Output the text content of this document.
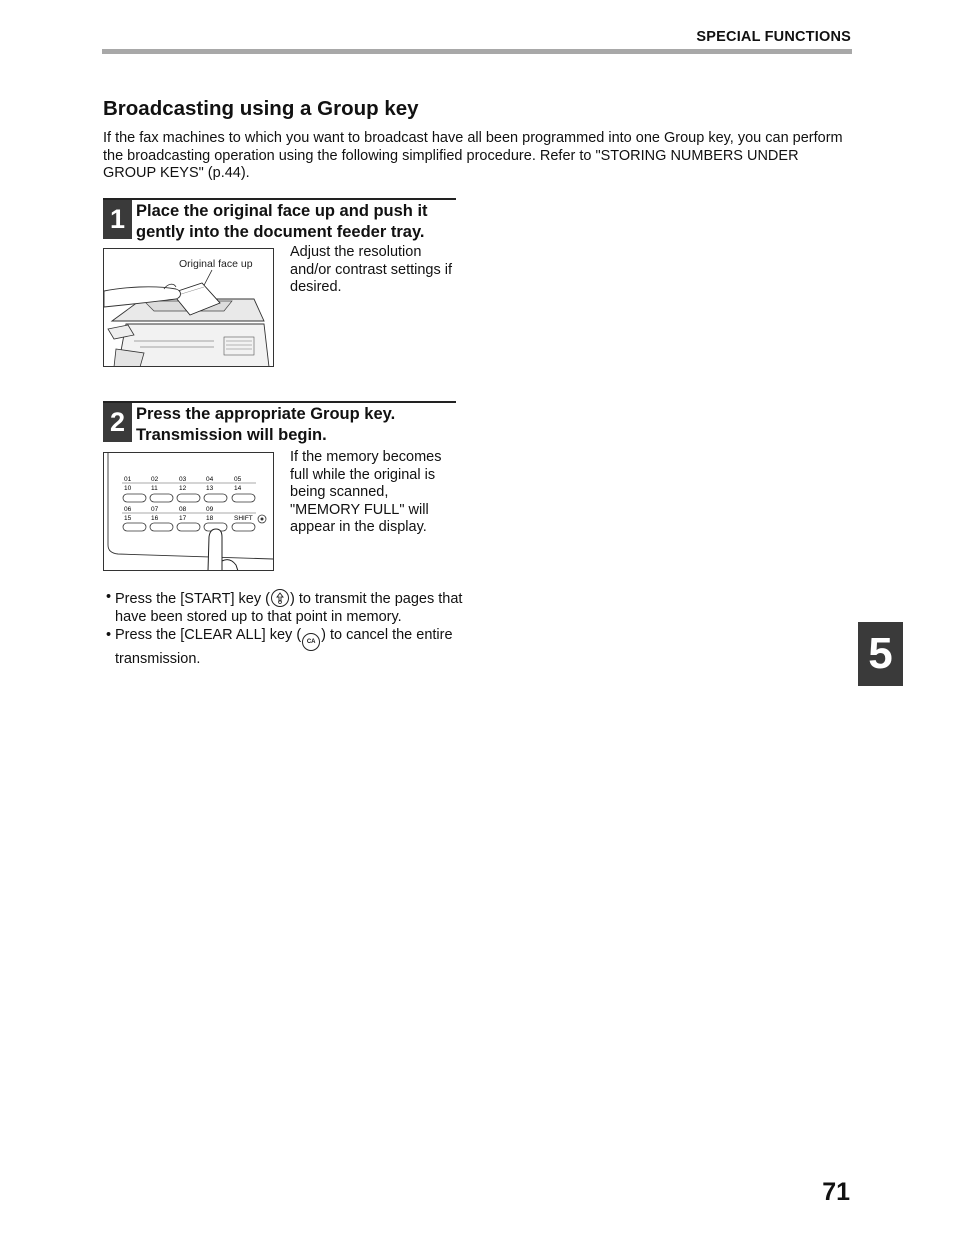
SPECIAL FUNCTIONS
Broadcasting using a Group key

If the fax machines to which you want to broadcast have all been programmed into one Group key, you can perform the broadcasting operation using the following simplified procedure. Refer to "STORING NUMBERS UNDER GROUP KEYS" (p.44).

1 Place the original face up and push it gently into the document feeder tray.

Original face up

Adjust the resolution and/or contrast settings if desired.

2 Press the appropriate Group key. Transmission will begin.

01	02	03	04	05
10	11	12	13	14
06	07	08	09
15	16	17	18	SHIFT

If the memory becomes full while the original is being scanned, "MEMORY FULL" will appear in the display.

• Press the [START] key ( ) to transmit the pages that have been stored up to that point in memory.
• Press the [CLEAR ALL] key ( CA ) to cancel the entire transmission.	5
71
